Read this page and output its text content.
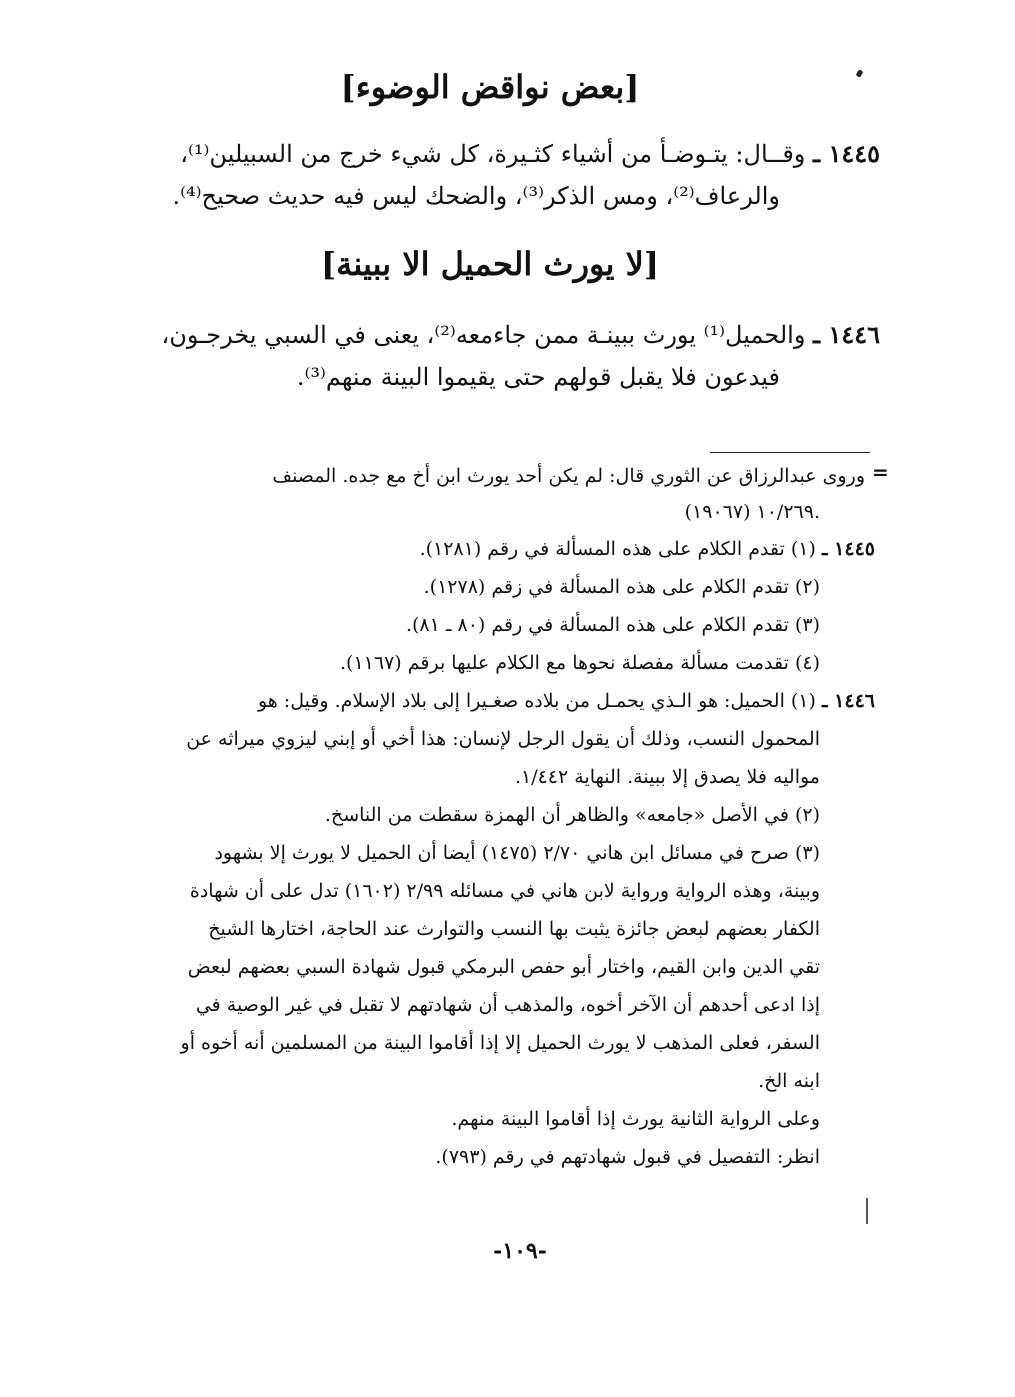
[بعض نواقض الوضوء]
١٤٤٥ ـ وقــال: يتـوضـأ من أشياء كثـيرة، كل شيء خرج من السبيلين⁽¹⁾،
والرعاف⁽²⁾، ومس الذكر⁽³⁾، والضحك ليس فيه حديث صحيح⁽⁴⁾.
[لا يورث الحميل الا ببينة]
١٤٤٦ ـ والحميل⁽¹⁾ يورث ببينـة ممن جاءمعه⁽²⁾، يعنى في السبي يخرجـون،
فيدعون فلا يقبل قولهم حتى يقيموا البينة منهم⁽³⁾.
=
وروى عبدالرزاق عن الثوري قال: لم يكن أحد يورث ابن أخ مع جده. المصنف
١٠/٢٦٩ (١٩٠٦٧).
١٤٤٥ ـ (١) تقدم الكلام على هذه المسألة في رقم (١٢٨١).
(٢) تقدم الكلام على هذه المسألة في زقم (١٢٧٨).
(٣) تقدم الكلام على هذه المسألة في رقم (٨٠ ـ ٨١).
(٤) تقدمت مسألة مفصلة نحوها مع الكلام عليها برقم (١١٦٧).
١٤٤٦ ـ (١) الحميل: هو الـذي يحمـل من بلاده صغـيرا إلى بلاد الإسلام. وقيل: هو
المحمول النسب، وذلك أن يقول الرجل لإنسان: هذا أخي أو إبني ليزوي ميراثه عن
مواليه فلا يصدق إلا ببينة. النهاية ١/٤٤٢.
(٢) في الأصل «جامعه» والظاهر أن الهمزة سقطت من الناسخ.
(٣) صرح في مسائل ابن هاني ٢/٧٠ (١٤٧٥) أيضا أن الحميل لا يورث إلا بشهود
وبينة، وهذه الرواية ورواية لابن هاني في مسائله ٢/٩٩ (١٦٠٢) تدل على أن شهادة
الكفار بعضهم لبعض جائزة يثبت بها النسب والتوارث عند الحاجة، اختارها الشيخ
تقي الدين وابن القيم، واختار أبو حفص البرمكي قبول شهادة السبي بعضهم لبعض
إذا ادعى أحدهم أن الآخر أخوه، والمذهب أن شهادتهم لا تقبل في غير الوصية في
السفر، فعلى المذهب لا يورث الحميل إلا إذا أقاموا البينة من المسلمين أنه أخوه أو
ابنه الخ.
وعلى الرواية الثانية يورث إذا أقاموا البينة منهم.
انظر: التفصيل في قبول شهادتهم في رقم (٧٩٣).
-١٠٩-
